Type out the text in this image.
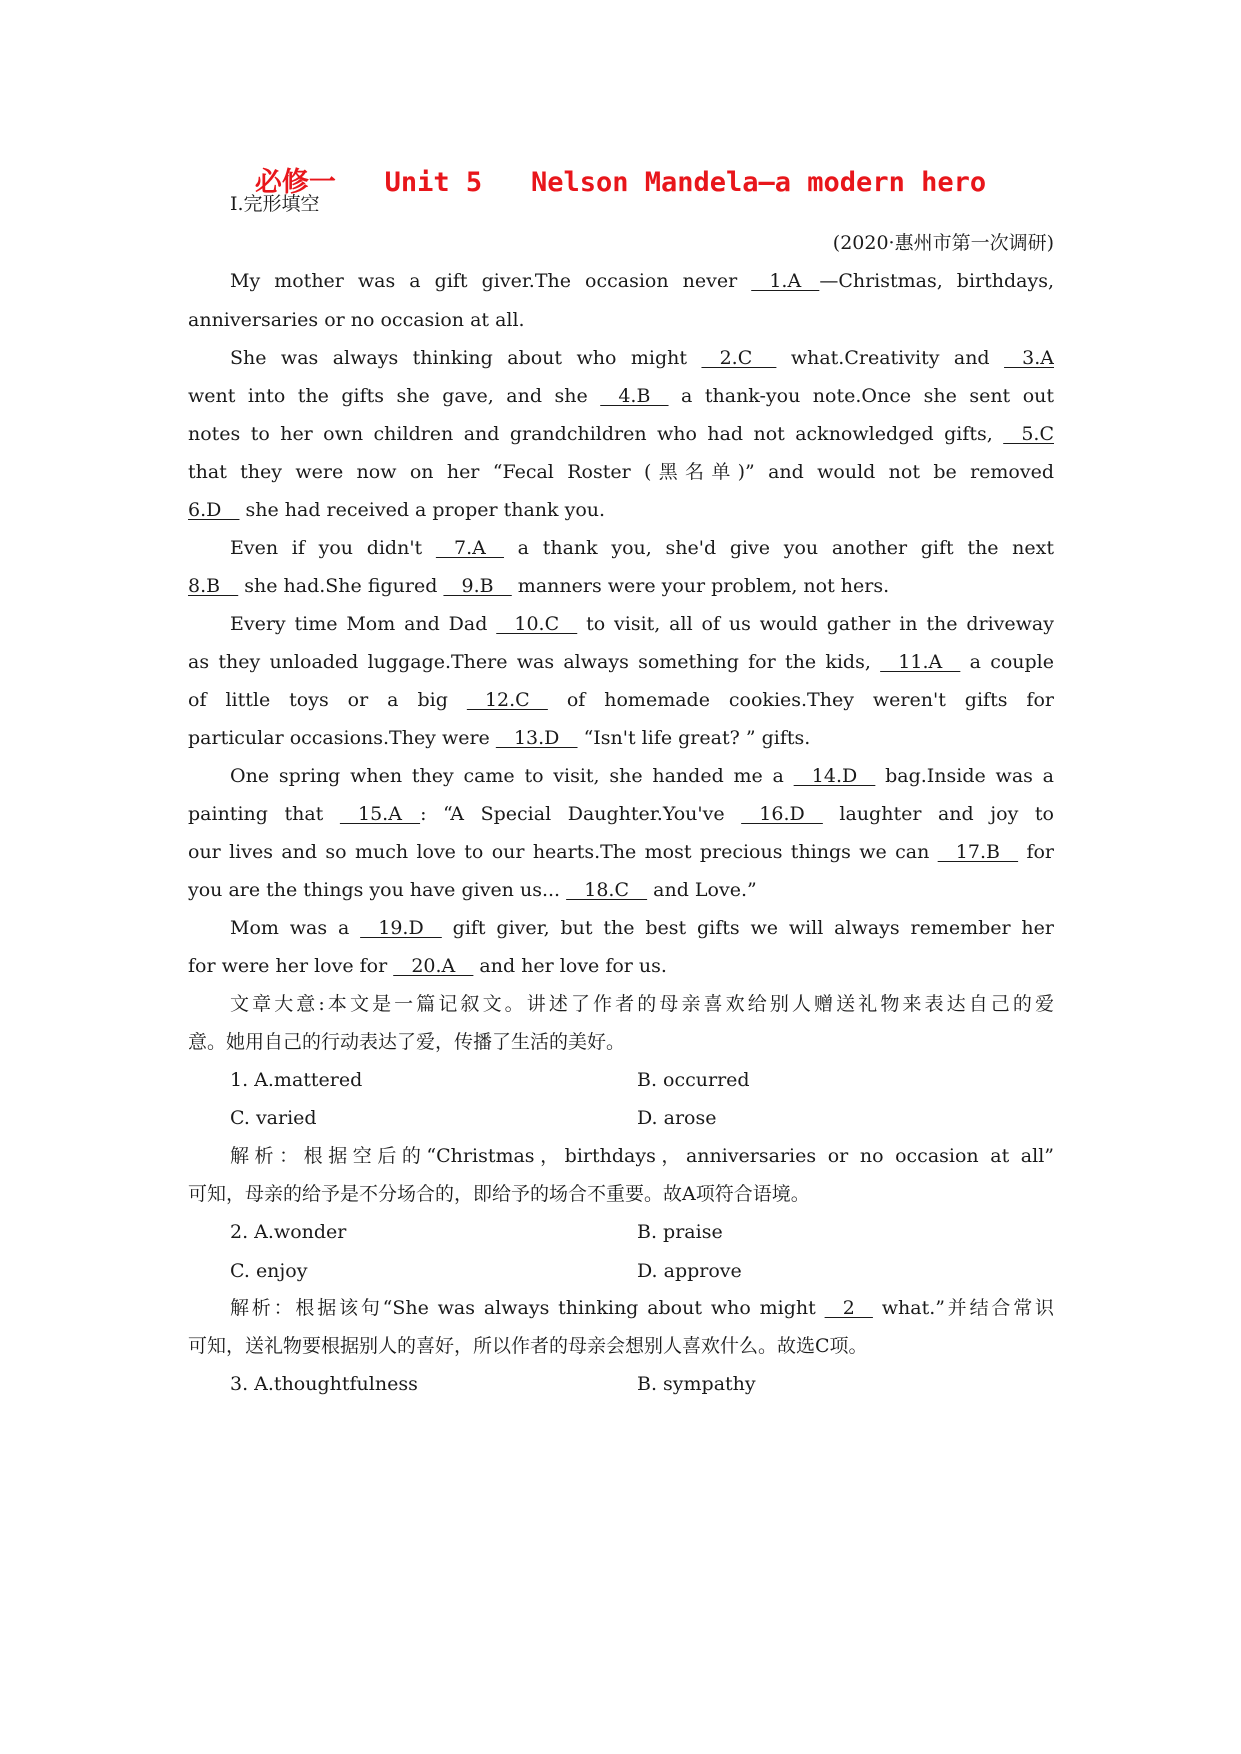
必修一   Unit 5   Nelson Mandela—a modern hero
Ⅰ.完形填空
(2020·惠州市第一次调研)
My mother was a gift giver.The occasion never    1.A   —Christmas, birthdays,
anniversaries or no occasion at all.
She was always thinking about who might    2.C     what.Creativity and    3.A
went into the gifts she gave, and she    4.B    a thank-you note.Once she sent out
notes to her own children and grandchildren who had not acknowledged gifts,    5.C
that they were now on her “Fecal Roster (黑名单)” and would not be removed
6.D    she had received a proper thank you.
Even if you didn't    7.A    a thank you, she'd give you another gift the next
8.B    she had.She figured    9.B    manners were your problem, not hers.
Every time Mom and Dad    10.C    to visit, all of us would gather in the driveway
as they unloaded luggage.There was always something for the kids,    11.A    a couple
of little toys or a big    12.C    of homemade cookies.They weren't gifts for
particular occasions.They were    13.D    “Isn't life great? ” gifts.
One spring when they came to visit, she handed me a    14.D    bag.Inside was a
painting that    15.A   : “A Special Daughter.You've    16.D    laughter and joy to
our lives and so much love to our hearts.The most precious things we can    17.B    for
you are the things you have given us...    18.C    and Love.”
Mom was a    19.D    gift giver, but the best gifts we will always remember her
for were her love for    20.A    and her love for us.
文章大意:本文是一篇记叙文。讲述了作者的母亲喜欢给别人赠送礼物来表达自己的爱
意。她用自己的行动表达了爱，传播了生活的美好。
1. A.mattered	B. occurred
C. varied	D. arose
解析：根据空后的“Christmas，birthdays，anniversaries or no occasion at all”
可知，母亲的给予是不分场合的，即给予的场合不重要。故A项符合语境。
2. A.wonder	B. praise
C. enjoy	D. approve
解析：根据该句“She was always thinking about who might    2    what.”并结合常识
可知，送礼物要根据别人的喜好，所以作者的母亲会想别人喜欢什么。故选C项。
3. A.thoughtfulness	B. sympathy
